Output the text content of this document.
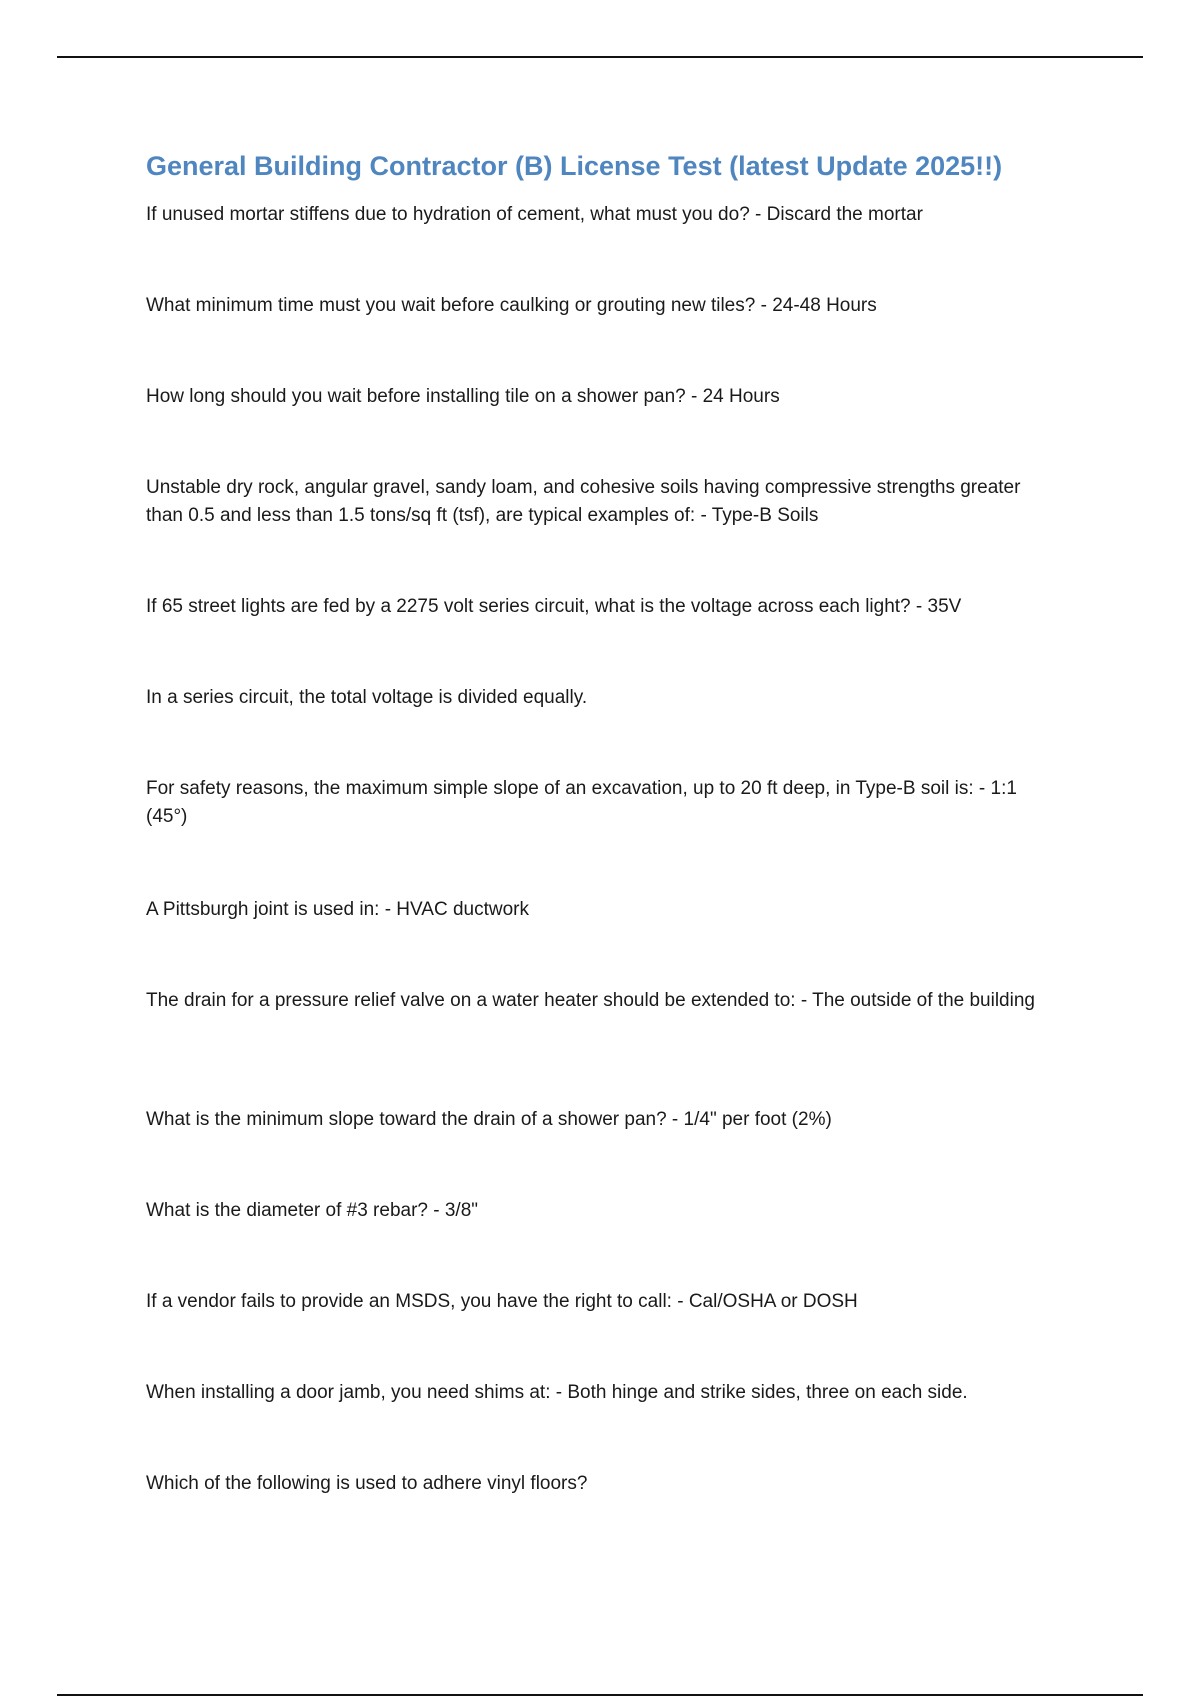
General Building Contractor (B) License Test (latest Update 2025!!)

If unused mortar stiffens due to hydration of cement, what must you do? - Discard the mortar

What minimum time must you wait before caulking or grouting new tiles? - 24-48 Hours

How long should you wait before installing tile on a shower pan? - 24 Hours

Unstable dry rock, angular gravel, sandy loam, and cohesive soils having compressive strengths greater than 0.5 and less than 1.5 tons/sq ft (tsf), are typical examples of: - Type-B Soils

If 65 street lights are fed by a 2275 volt series circuit, what is the voltage across each light? - 35V

In a series circuit, the total voltage is divided equally.

For safety reasons, the maximum simple slope of an excavation, up to 20 ft deep, in Type-B soil is: - 1:1 (45°)

A Pittsburgh joint is used in: - HVAC ductwork

The drain for a pressure relief valve on a water heater should be extended to: - The outside of the building

What is the minimum slope toward the drain of a shower pan? - 1/4" per foot (2%)

What is the diameter of #3 rebar? - 3/8"

If a vendor fails to provide an MSDS, you have the right to call: - Cal/OSHA or DOSH

When installing a door jamb, you need shims at: - Both hinge and strike sides, three on each side.

Which of the following is used to adhere vinyl floors?
